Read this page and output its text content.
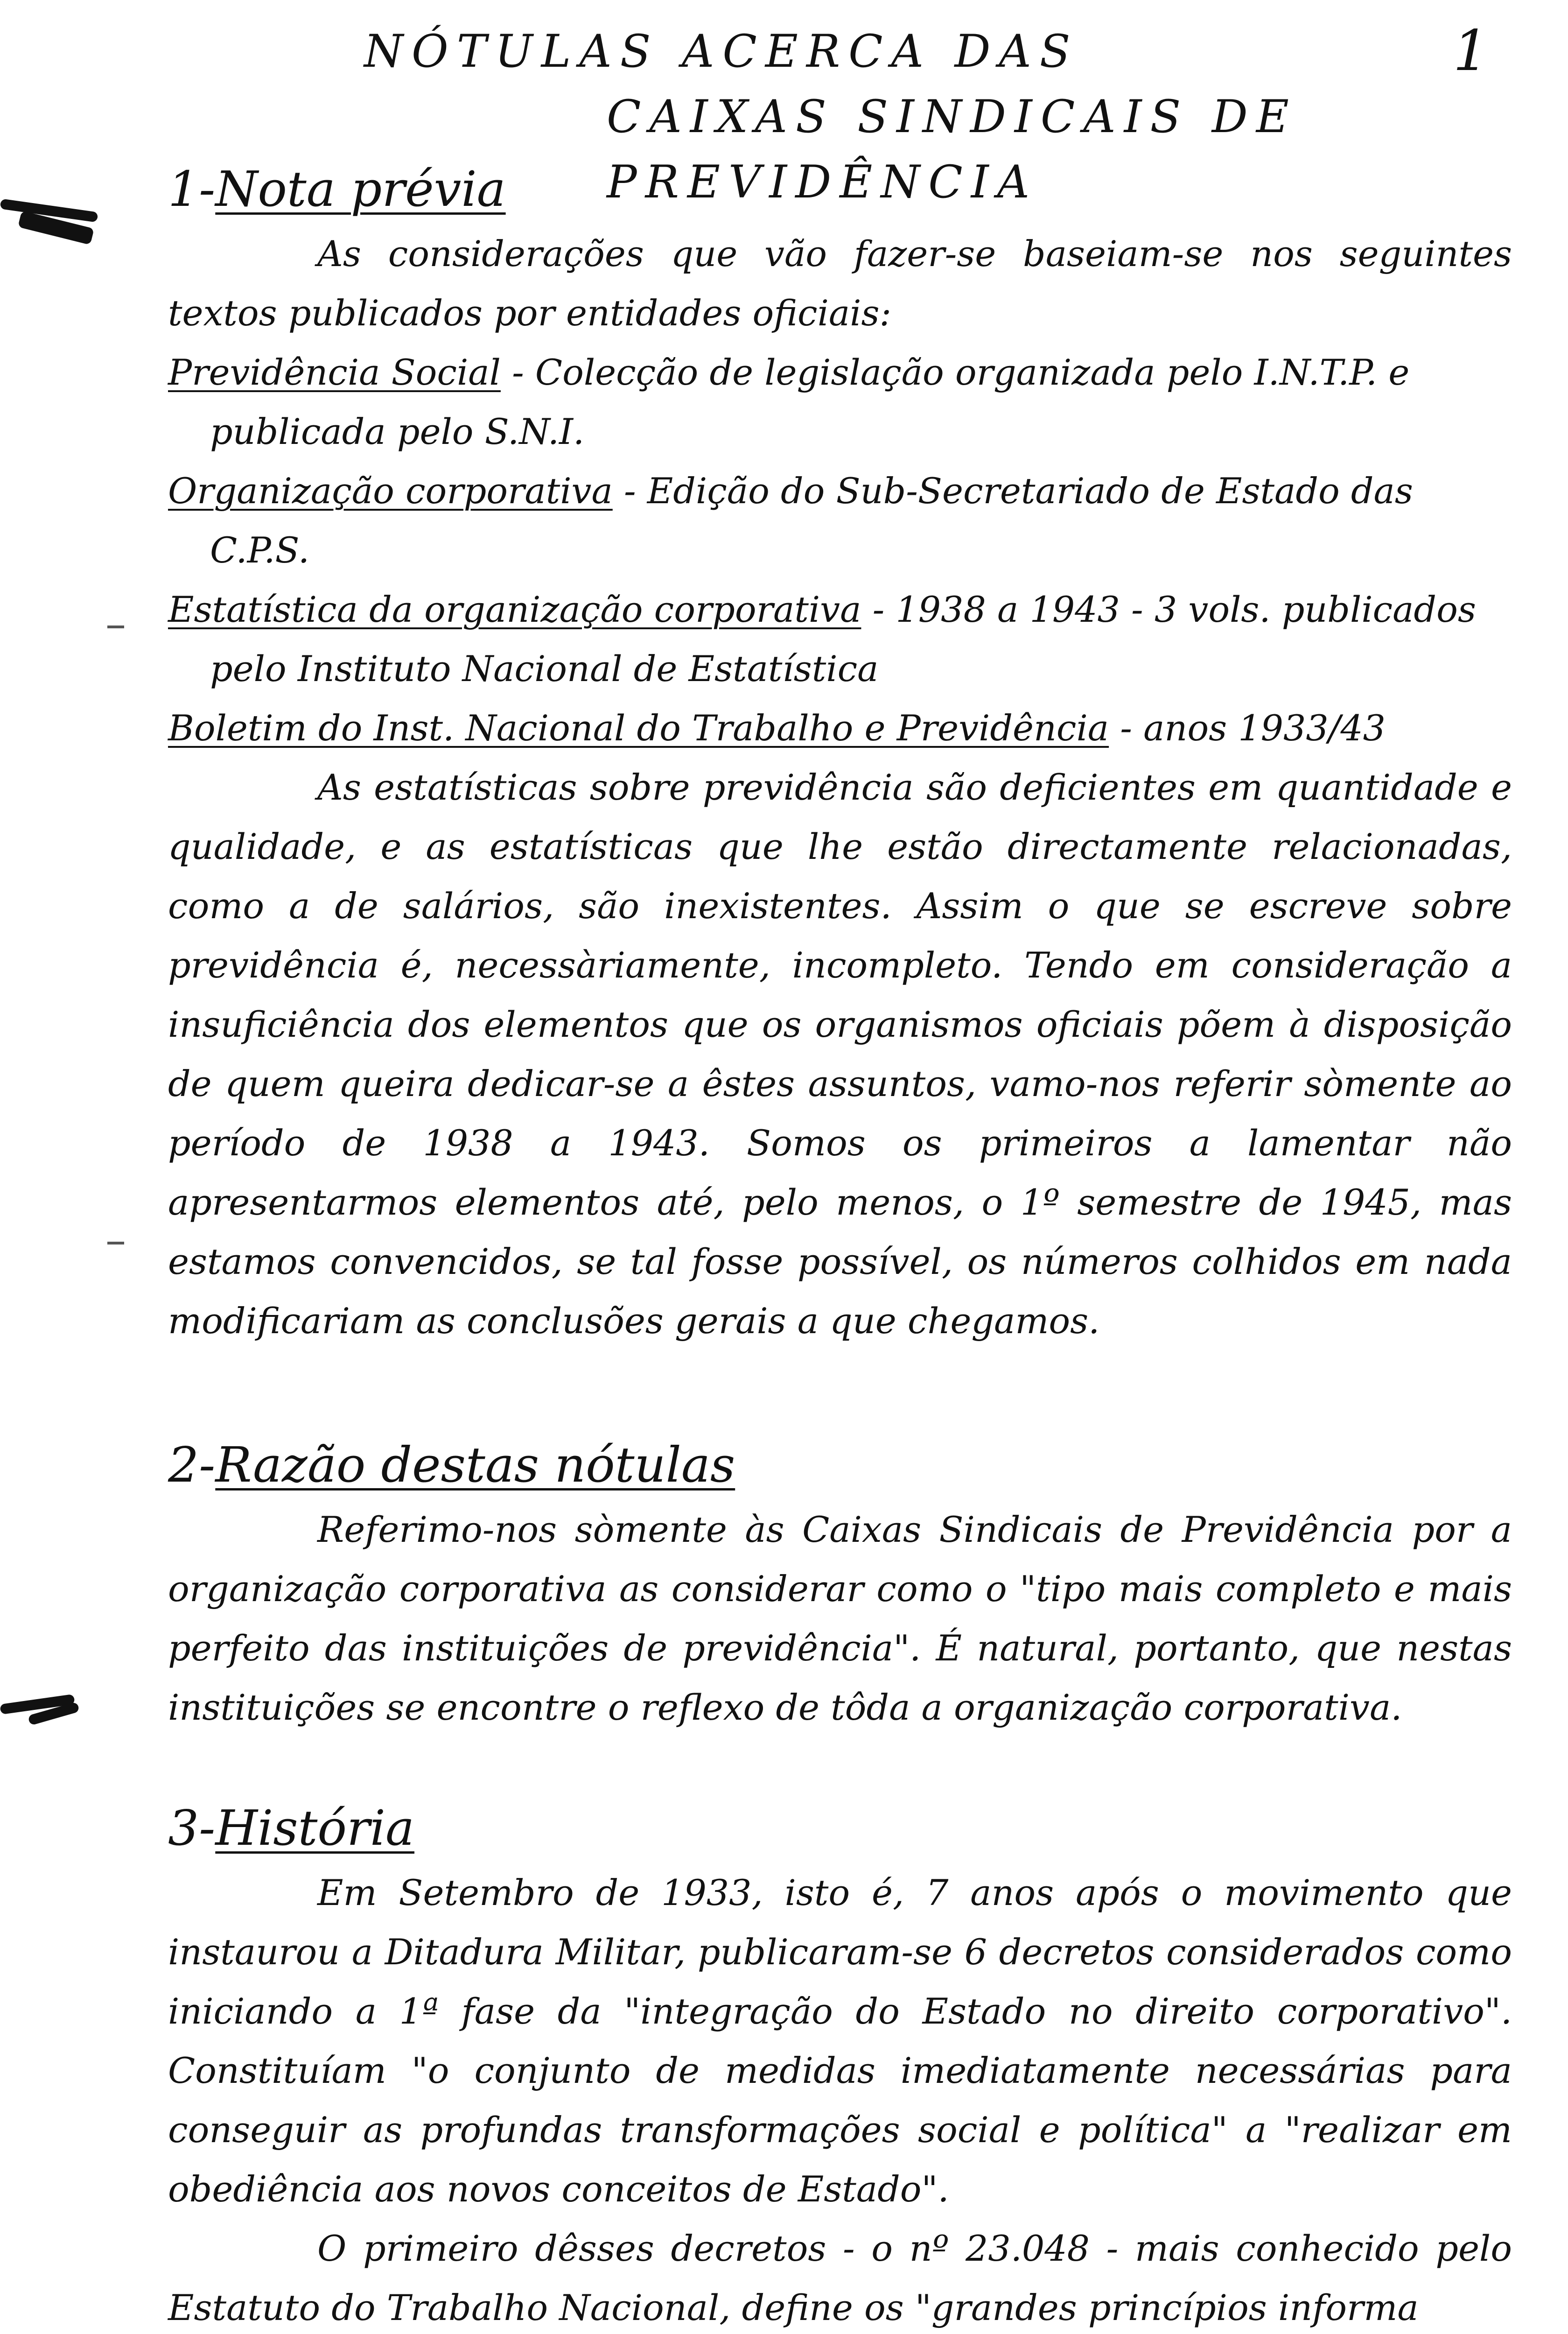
1
NÓTULAS ACERCA DAS
CAIXAS SINDICAIS DE PREVIDÊNCIA
1-Nota prévia

As considerações que vão fazer-se baseiam-se nos seguintes textos publicados por entidades oficiais:

Previdência Social - Colecção de legislação organizada pelo I.N.T.P. e publicada pelo S.N.I.
Organização corporativa - Edição do Sub-Secretariado de Estado das C.P.S.
Estatística da organização corporativa - 1938 a 1943 - 3 vols. publicados pelo Instituto Nacional de Estatística
Boletim do Inst. Nacional do Trabalho e Previdência - anos 1933/43

As estatísticas sobre previdência são deficientes em quantidade e qualidade, e as estatísticas que lhe estão directamente relacionadas, como a de salários, são inexistentes. Assim o que se escreve sobre previdência é, necessàriamente, incompleto. Tendo em consideração a insuficiência dos elementos que os organismos oficiais põem à disposição de quem queira dedicar-se a êstes assuntos, vamo-nos referir sòmente ao período de 1938 a 1943. Somos os primeiros a lamentar não apresentarmos elementos até, pelo menos, o 1º semestre de 1945, mas estamos convencidos, se tal fosse possível, os números colhidos em nada modificariam as conclusões gerais a que chegamos.

2-Razão destas nótulas

Referimo-nos sòmente às Caixas Sindicais de Previdência por a organização corporativa as considerar como o "tipo mais completo e mais perfeito das instituições de previdência". É natural, portanto, que nestas instituições se encontre o reflexo de tôda a organização corporativa.

3-História

Em Setembro de 1933, isto é, 7 anos após o movimento que instaurou a Ditadura Militar, publicaram-se 6 decretos considerados como iniciando a 1ª fase da "integração do Estado no direito corporativo". Constituíam "o conjunto de medidas imediatamente necessárias para conseguir as profundas transformações social e política" a "realizar em obediência aos novos conceitos de Estado".

O primeiro dêsses decretos - o nº 23.048 - mais conhecido pelo Estatuto do Trabalho Nacional, define os "grandes princípios informa
